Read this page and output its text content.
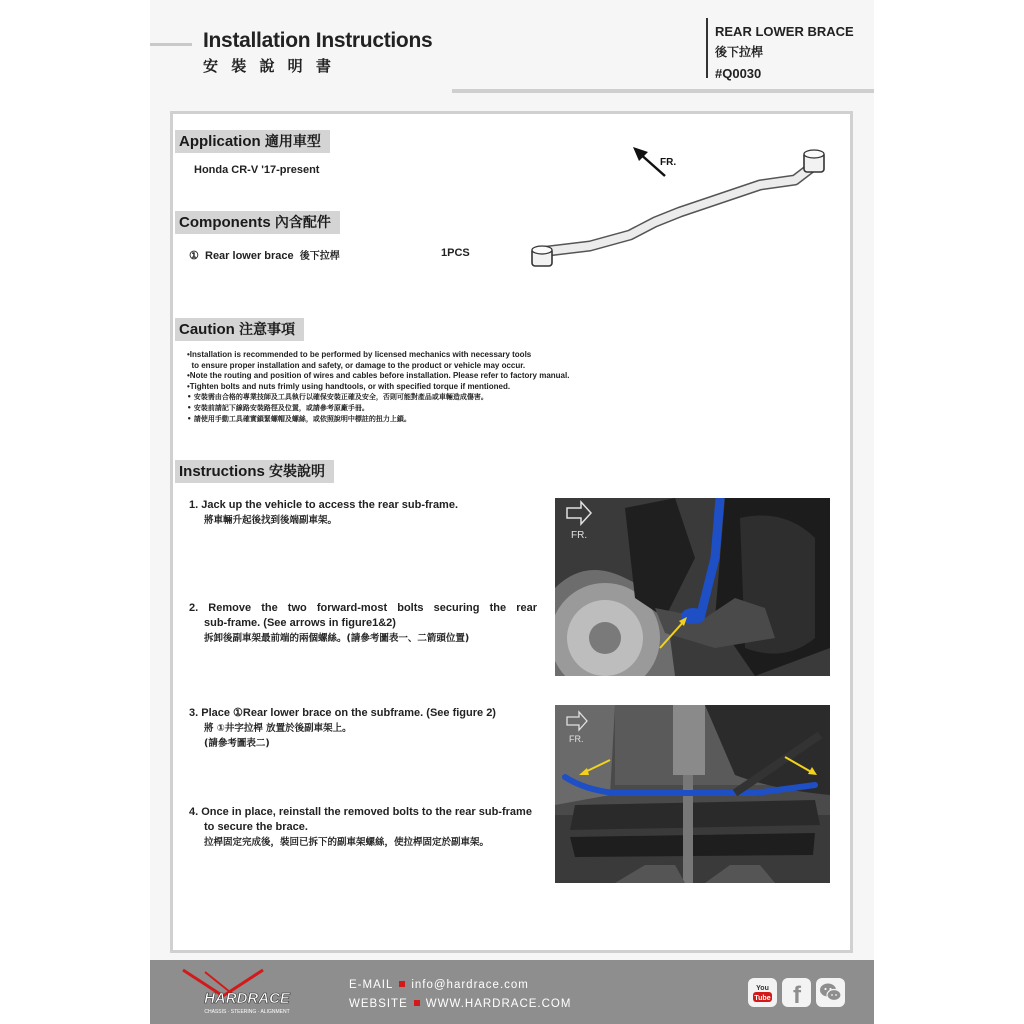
Installation Instructions
安 裝 說 明 書
REAR LOWER BRACE
後下拉桿
#Q0030
Application 適用車型
Honda CR-V '17-present
Components 內含配件
① Rear lower brace 後下拉桿	1PCS
FR.
Caution 注意事項
•Installation is recommended to be performed by licensed mechanics with necessary tools
to ensure proper installation and safety, or damage to the product or vehicle may occur.
•Note the routing and position of wires and cables before installation. Please refer to factory manual.
•Tighten bolts and nuts frimly using handtools, or with specified torque if mentioned.
• 安裝需由合格的專業技師及工具執行以確保安裝正確及安全，否則可能對產品或車輛造成傷害。
• 安裝前請記下線路安裝路徑及位置，或請參考原廠手冊。
• 請使用手動工具確實鎖緊螺帽及螺絲，或依照說明中標註的扭力上鎖。
Instructions 安裝說明
1. Jack up the vehicle to access the rear sub-frame.
將車輛升起後找到後端副車架。
2. Remove the two forward-most bolts securing the rear
sub-frame. (See arrows in figure1&2)
拆卸後副車架最前端的兩個螺絲。(請參考圖表一、二箭頭位置)
3. Place ①Rear lower brace on the subframe. (See figure 2)
將 ①井字拉桿 放置於後副車架上。
(請參考圖表二)
4. Once in place, reinstall the removed bolts to the rear sub-frame
to secure the brace.
拉桿固定完成後，裝回已拆下的副車架螺絲，使拉桿固定於副車架。
FR.
FR.
HARDRACE
CHASSIS · STEERING · ALIGNMENT
E-MAIL info@hardrace.com
WEBSITE WWW.HARDRACE.COM
You
Tube f
